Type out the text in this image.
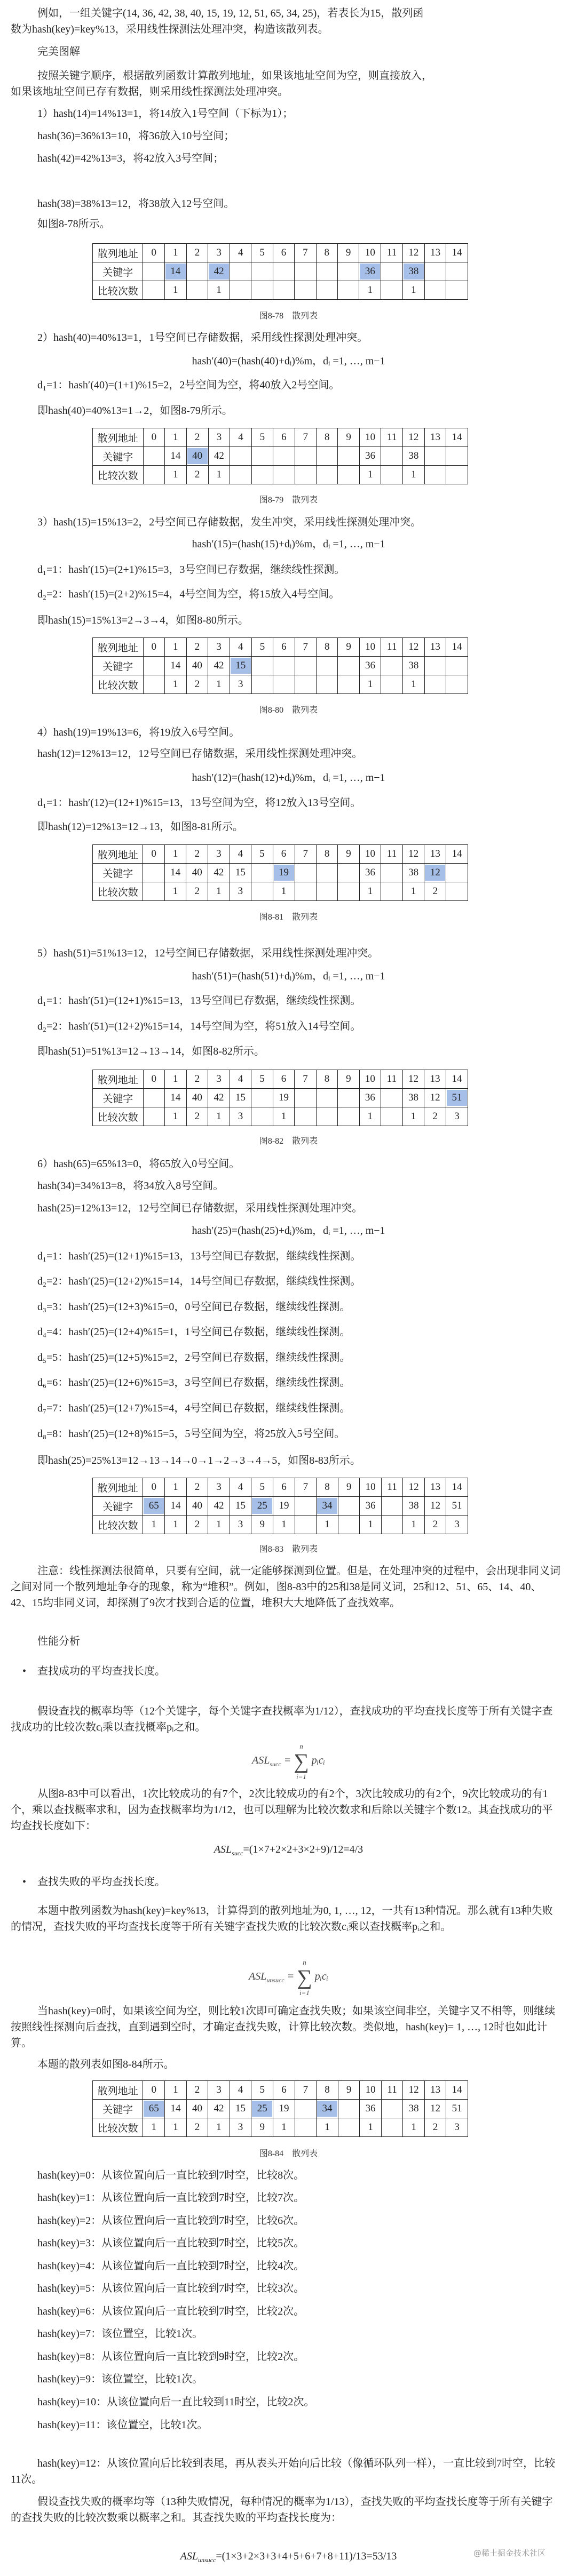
例如，一组关键字(14, 36, 42, 38, 40, 15, 19, 12, 51, 65, 34, 25)，若表长为15，散列函
数为hash(key)=key%13，采用线性探测法处理冲突，构造该散列表。
完美图解
按照关键字顺序，根据散列函数计算散列地址，如果该地址空间为空，则直接放入，
如果该地址空间已存有数据，则采用线性探测法处理冲突。
1）hash(14)=14%13=1，将14放入1号空间（下标为1）；
hash(36)=36%13=10，将36放入10号空间；
hash(42)=42%13=3，将42放入3号空间；
hash(38)=38%13=12，将38放入12号空间。
如图8-78所示。
散列地址	0	1	2	3	4	5	6	7	8	9	10	11	12	13	14
关键字		14		42							36		38		
比较次数		1		1							1		1		
图8-78　散列表
2）hash(40)=40%13=1，1号空间已存储数据，采用线性探测处理冲突。
hash′(40)=(hash(40)+dᵢ)%m，dᵢ =1, …, m−1
d₁=1：hash′(40)=(1+1)%15=2，2号空间为空，将40放入2号空间。
即hash(40)=40%13=1→2，如图8-79所示。
散列地址	0	1	2	3	4	5	6	7	8	9	10	11	12	13	14
关键字		14	40	42							36		38		
比较次数		1	2	1							1		1		
图8-79　散列表
3）hash(15)=15%13=2，2号空间已存储数据，发生冲突，采用线性探测处理冲突。
hash′(15)=(hash(15)+dᵢ)%m，dᵢ =1, …, m−1
d₁=1：hash′(15)=(2+1)%15=3，3号空间已存数据，继续线性探测。
d₂=2：hash′(15)=(2+2)%15=4，4号空间为空，将15放入4号空间。
即hash(15)=15%13=2→3→4，如图8-80所示。
散列地址	0	1	2	3	4	5	6	7	8	9	10	11	12	13	14
关键字		14	40	42	15						36		38		
比较次数		1	2	1	3						1		1		
图8-80　散列表
4）hash(19)=19%13=6，将19放入6号空间。
hash(12)=12%13=12，12号空间已存储数据，采用线性探测处理冲突。
hash′(12)=(hash(12)+dᵢ)%m，dᵢ =1, …, m−1
d₁=1：hash′(12)=(12+1)%15=13，13号空间为空，将12放入13号空间。
即hash(12)=12%13=12→13，如图8-81所示。
散列地址	0	1	2	3	4	5	6	7	8	9	10	11	12	13	14
关键字		14	40	42	15		19				36		38	12	
比较次数		1	2	1	3		1				1		1	2	
图8-81　散列表
5）hash(51)=51%13=12，12号空间已存储数据，采用线性探测处理冲突。
hash′(51)=(hash(51)+dᵢ)%m，dᵢ =1, …, m−1
d₁=1：hash′(51)=(12+1)%15=13，13号空间已存数据，继续线性探测。
d₂=2：hash′(51)=(12+2)%15=14，14号空间为空，将51放入14号空间。
即hash(51)=51%13=12→13→14，如图8-82所示。
散列地址	0	1	2	3	4	5	6	7	8	9	10	11	12	13	14
关键字		14	40	42	15		19				36		38	12	51
比较次数		1	2	1	3		1				1		1	2	3
图8-82　散列表
6）hash(65)=65%13=0，将65放入0号空间。
hash(34)=34%13=8，将34放入8号空间。
hash(25)=12%13=12，12号空间已存储数据，采用线性探测处理冲突。
hash′(25)=(hash(25)+dᵢ)%m，dᵢ =1, …, m−1
d₁=1：hash′(25)=(12+1)%15=13，13号空间已存数据，继续线性探测。
d₂=2：hash′(25)=(12+2)%15=14，14号空间已存数据，继续线性探测。
d₃=3：hash′(25)=(12+3)%15=0，0号空间已存数据，继续线性探测。
d₄=4：hash′(25)=(12+4)%15=1，1号空间已存数据，继续线性探测。
d₅=5：hash′(25)=(12+5)%15=2，2号空间已存数据，继续线性探测。
d₆=6：hash′(25)=(12+6)%15=3，3号空间已存数据，继续线性探测。
d₇=7：hash′(25)=(12+7)%15=4，4号空间已存数据，继续线性探测。
d₈=8：hash′(25)=(12+8)%15=5，5号空间为空，将25放入5号空间。
即hash(25)=25%13=12→13→14→0→1→2→3→4→5，如图8-83所示。
散列地址	0	1	2	3	4	5	6	7	8	9	10	11	12	13	14
关键字	65	14	40	42	15	25	19		34		36		38	12	51
比较次数	1	1	2	1	3	9	1		1		1		1	2	3
图8-83　散列表
注意：线性探测法很简单，只要有空间，就一定能够探测到位置。但是，在处理冲突的过程中，会出现非同义词之间对同一个散列地址争夺的现象，称为“堆积”。例如，图8-83中的25和38是同义词，25和12、51、65、14、40、42、15均非同义词，却探测了9次才找到合适的位置，堆积大大地降低了查找效率。
性能分析
• 查找成功的平均查找长度。
假设查找的概率均等（12个关键字，每个关键字查找概率为1/12），查找成功的平均查找长度等于所有关键字查找成功的比较次数cᵢ乘以查找概率pᵢ之和。
$ASL_{succ}$ = ∑
n
i=1
pᵢcᵢ
从图8-83中可以看出，1次比较成功的有7个，2次比较成功的有2个，3次比较成功的有2个，9次比较成功的有1个，乘以查找概率求和，因为查找概率均为1/12，也可以理解为比较次数求和后除以关键字个数12。其查找成功的平均查找长度如下：
$ASL_{succ}=(1\times 7+2\times 2+3\times 2+9)/12=4/3$
• 查找失败的平均查找长度。
本题中散列函数为hash(key)=key%13，计算得到的散列地址为0, 1, …, 12，一共有13种情况。那么就有13种失败的情况，查找失败的平均查找长度等于所有关键字查找失败的比较次数cᵢ乘以查找概率pᵢ之和。
$ASL_{unsucc}$ = ∑
n
i=1
pᵢcᵢ
当hash(key)=0时，如果该空间为空，则比较1次即可确定查找失败；如果该空间非空，关键字又不相等，则继续按照线性探测向后查找，直到遇到空时，才确定查找失败，计算比较次数。类似地，hash(key)= 1, …, 12时也如此计算。
本题的散列表如图8-84所示。
散列地址	0	1	2	3	4	5	6	7	8	9	10	11	12	13	14
关键字	65	14	40	42	15	25	19		34		36		38	12	51
比较次数	1	1	2	1	3	9	1		1		1		1	2	3
图8-84　散列表
hash(key)=0：从该位置向后一直比较到7时空，比较8次。
hash(key)=1：从该位置向后一直比较到7时空，比较7次。
hash(key)=2：从该位置向后一直比较到7时空，比较6次。
hash(key)=3：从该位置向后一直比较到7时空，比较5次。
hash(key)=4：从该位置向后一直比较到7时空，比较4次。
hash(key)=5：从该位置向后一直比较到7时空，比较3次。
hash(key)=6：从该位置向后一直比较到7时空，比较2次。
hash(key)=7：该位置空，比较1次。
hash(key)=8：从该位置向后一直比较到9时空，比较2次。
hash(key)=9：该位置空，比较1次。
hash(key)=10：从该位置向后一直比较到11时空，比较2次。
hash(key)=11：该位置空，比较1次。
hash(key)=12：从该位置向后比较到表尾，再从表头开始向后比较（像循环队列一样），一直比较到7时空，比较11次。
假设查找失败的概率均等（13种失败情况，每种情况的概率为1/13），查找失败的平均查找长度等于所有关键字的查找失败的比较次数乘以概率之和。其查找失败的平均查找长度为：
$ASL_{unsucc}=(1\times 3+2\times 3+3+4+5+6+7+8+11)/13=53/13$	@稀土掘金技术社区
